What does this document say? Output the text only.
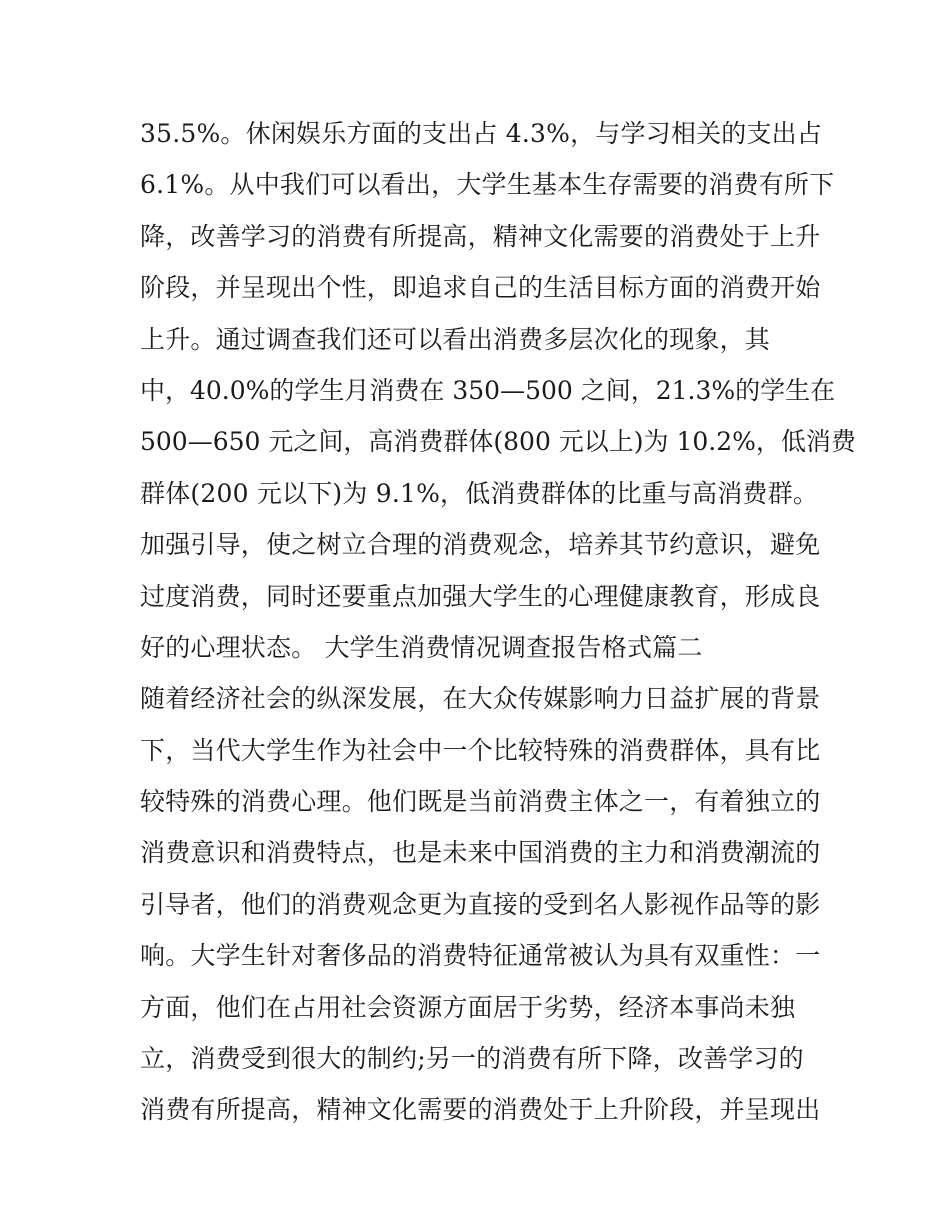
35.5%。休闲娱乐方面的支出占 4.3%，与学习相关的支出占
6.1%。从中我们可以看出，大学生基本生存需要的消费有所下
降，改善学习的消费有所提高，精神文化需要的消费处于上升
阶段，并呈现出个性，即追求自己的生活目标方面的消费开始
上升。通过调查我们还可以看出消费多层次化的现象，其
中，40.0%的学生月消费在 350—500 之间，21.3%的学生在
500—650 元之间，高消费群体(800 元以上)为 10.2%，低消费
群体(200 元以下)为 9.1%，低消费群体的比重与高消费群。
加强引导，使之树立合理的消费观念，培养其节约意识，避免
过度消费，同时还要重点加强大学生的心理健康教育，形成良
好的心理状态。 大学生消费情况调查报告格式篇二
随着经济社会的纵深发展，在大众传媒影响力日益扩展的背景
下，当代大学生作为社会中一个比较特殊的消费群体，具有比
较特殊的消费心理。他们既是当前消费主体之一，有着独立的
消费意识和消费特点，也是未来中国消费的主力和消费潮流的
引导者，他们的消费观念更为直接的受到名人影视作品等的影
响。大学生针对奢侈品的消费特征通常被认为具有双重性：一
方面，他们在占用社会资源方面居于劣势，经济本事尚未独
立，消费受到很大的制约;另一的消费有所下降，改善学习的
消费有所提高，精神文化需要的消费处于上升阶段，并呈现出
